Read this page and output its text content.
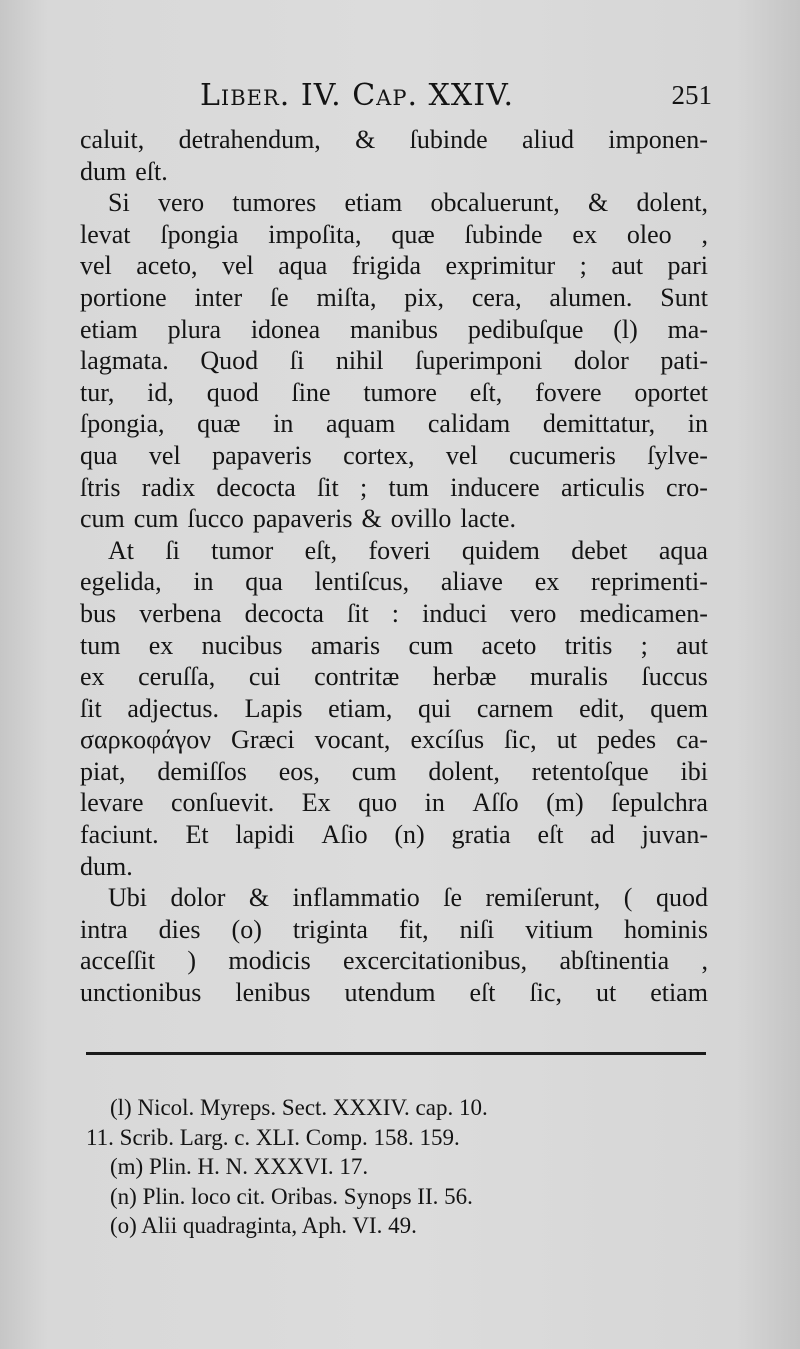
Liber. IV. Cap. XXIV.	251
caluit, detrahendum, & ſubinde aliud imponen-
dum eſt.
Si vero tumores etiam obcaluerunt, & dolent,
levat ſpongia impoſita, quæ ſubinde ex oleo ,
vel aceto, vel aqua frigida exprimitur ; aut pari
portione inter ſe miſta, pix, cera, alumen. Sunt
etiam plura idonea manibus pedibuſque (l) ma-
lagmata. Quod ſi nihil ſuperimponi dolor pati-
tur, id, quod ſine tumore eſt, fovere oportet
ſpongia, quæ in aquam calidam demittatur, in
qua vel papaveris cortex, vel cucumeris ſylve-
ſtris radix decocta ſit ; tum inducere articulis cro-
cum cum ſucco papaveris & ovillo lacte.
At ſi tumor eſt, foveri quidem debet aqua
egelida, in qua lentiſcus, aliave ex reprimenti-
bus verbena decocta ſit : induci vero medicamen-
tum ex nucibus amaris cum aceto tritis ; aut
ex ceruſſa, cui contritæ herbæ muralis ſuccus
ſit adjectus. Lapis etiam, qui carnem edit, quem
σαρκοφάγον Græci vocant, excíſus ſic, ut pedes ca-
piat, demiſſos eos, cum dolent, retentoſque ibi
levare conſuevit. Ex quo in Aſſo (m) ſepulchra
faciunt. Et lapidi Aſio (n) gratia eſt ad juvan-
dum.
Ubi dolor & inflammatio ſe remiſerunt, ( quod
intra dies (o) triginta fit, niſi vitium hominis
acceſſit ) modicis excercitationibus, abſtinentia ,
unctionibus lenibus utendum eſt ſic, ut etiam
(l) Nicol. Myreps. Sect. XXXIV. cap. 10.
11. Scrib. Larg. c. XLI. Comp. 158. 159.
(m) Plin. H. N. XXXVI. 17.
(n) Plin. loco cit. Oribas. Synops II. 56.
(o) Alii quadraginta, Aph. VI. 49.
